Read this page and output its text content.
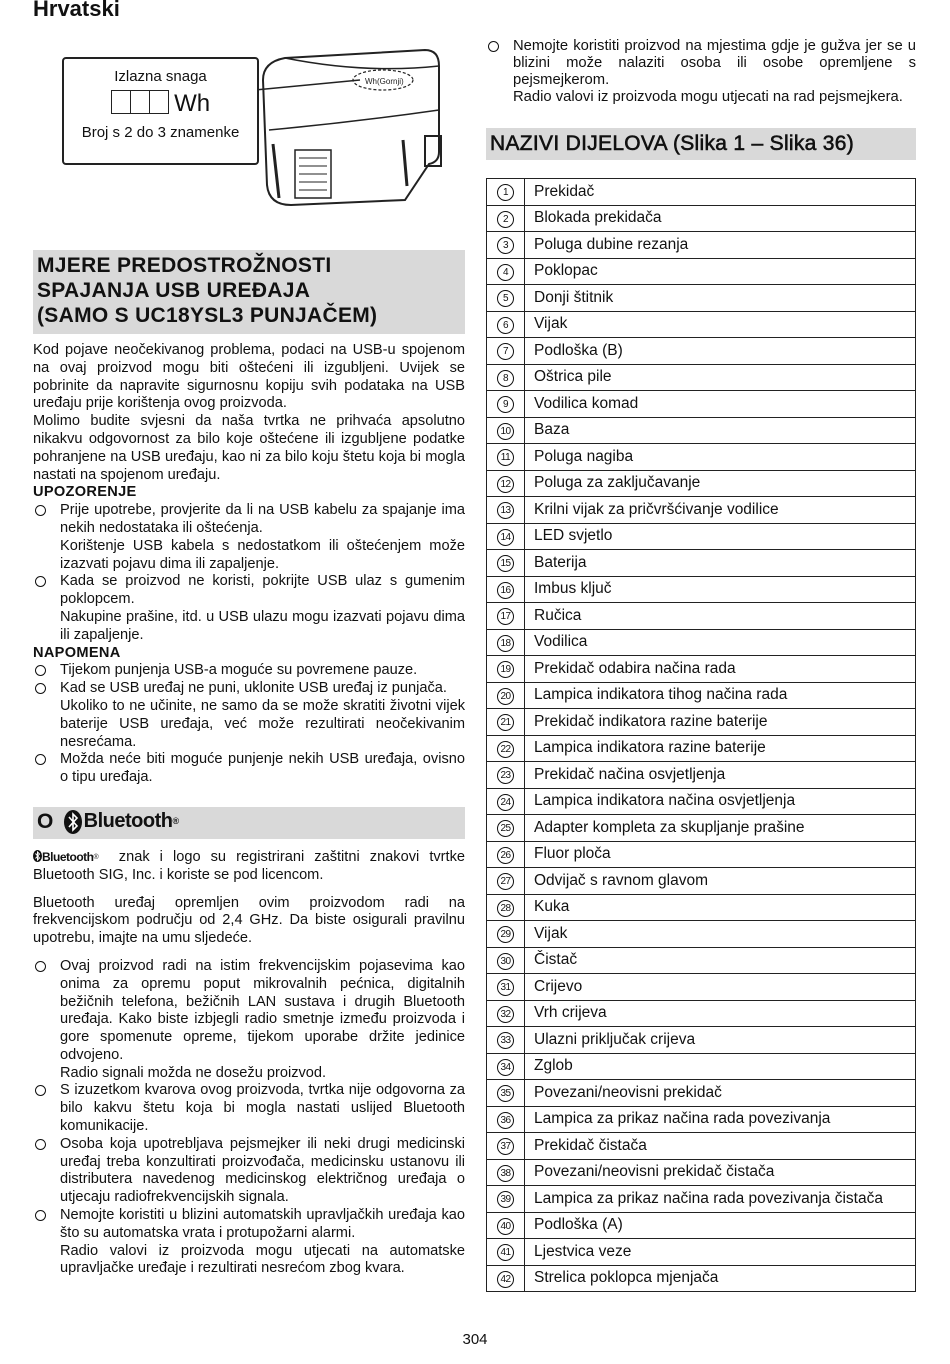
Hrvatski
Wh(Gornji)
Izlazna snaga
Wh
Broj s 2 do 3 znamenke
MJERE PREDOSTROŽNOSTI
SPAJANJA USB UREĐAJA
(SAMO S UC18YSL3 PUNJAČEM)
Kod pojave neočekivanog problema, podaci na USB-u spojenom na ovaj proizvod mogu biti oštećeni ili izgubljeni. Uvijek se pobrinite da napravite sigurnosnu kopiju svih podataka na USB uređaju prije korištenja ovog proizvoda.
Molimo budite svjesni da naša tvrtka ne prihvaća apsolutno nikakvu odgovornost za bilo koje oštećene ili izgubljene podatke pohranjene na USB uređaju, kao ni za bilo koju štetu koja bi mogla nastati na spojenom uređaju.
UPOZORENJE
Prije upotrebe, provjerite da li na USB kabelu za spajanje ima nekih nedostataka ili oštećenja.
Korištenje USB kabela s nedostatkom ili oštećenjem može izazvati pojavu dima ili zapaljenje.
Kada se proizvod ne koristi, pokrijte USB ulaz s gumenim poklopcem.
Nakupine prašine, itd. u USB ulazu mogu izazvati pojavu dima ili zapaljenje.
NAPOMENA
Tijekom punjenja USB-a moguće su povremene pauze.
Kad se USB uređaj ne puni, uklonite USB uređaj iz punjača.
Ukoliko to ne učinite, ne samo da se može skratiti životni vijek baterije USB uređaja, već može rezultirati neočekivanim nesrećama.
Možda neće biti moguće punjenje nekih USB uređaja, ovisno o tipu uređaja.
O Bluetooth ®
Bluetooth® znak i logo su registrirani zaštitni znakovi tvrtke Bluetooth SIG, Inc. i koriste se pod licencom.
Bluetooth uređaj opremljen ovim proizvodom radi na frekvencijskom području od 2,4 GHz. Da biste osigurali pravilnu upotrebu, imajte na umu sljedeće.
Ovaj proizvod radi na istim frekvencijskim pojasevima kao onima za opremu poput mikrovalnih pećnica, digitalnih bežičnih telefona, bežičnih LAN sustava i drugih Bluetooth uređaja. Kako biste izbjegli radio smetnje između proizvoda i gore spomenute opreme, tijekom uporabe držite jedinice odvojeno.
Radio signali možda ne dosežu proizvod.
S izuzetkom kvarova ovog proizvoda, tvrtka nije odgovorna za bilo kakvu štetu koja bi mogla nastati uslijed Bluetooth komunikacije.
Osoba koja upotrebljava pejsmejker ili neki drugi medicinski uređaj treba konzultirati proizvođača, medicinsku ustanovu ili distributera navedenog medicinskog električnog uređaja o utjecaju radiofrekvencijskih signala.
Nemojte koristiti u blizini automatskih upravljačkih uređaja kao što su automatska vrata i protupožarni alarmi.
Radio valovi iz proizvoda mogu utjecati na automatske upravljačke uređaje i rezultirati nesrećom zbog kvara.
Nemojte koristiti proizvod na mjestima gdje je gužva jer se u blizini može nalaziti osoba ili osobe opremljene s pejsmejkerom.
Radio valovi iz proizvoda mogu utjecati na rad pejsmejkera.
NAZIVI DIJELOVA (Slika 1 – Slika 36)
1	Prekidač
2	Blokada prekidača
3	Poluga dubine rezanja
4	Poklopac
5	Donji štitnik
6	Vijak
7	Podloška (B)
8	Oštrica pile
9	Vodilica komad
10	Baza
11	Poluga nagiba
12	Poluga za zaključavanje
13	Krilni vijak za pričvršćivanje vodilice
14	LED svjetlo
15	Baterija
16	Imbus ključ
17	Ručica
18	Vodilica
19	Prekidač odabira načina rada
20	Lampica indikatora tihog načina rada
21	Prekidač indikatora razine baterije
22	Lampica indikatora razine baterije
23	Prekidač načina osvjetljenja
24	Lampica indikatora načina osvjetljenja
25	Adapter kompleta za skupljanje prašine
26	Fluor ploča
27	Odvijač s ravnom glavom
28	Kuka
29	Vijak
30	Čistač
31	Crijevo
32	Vrh crijeva
33	Ulazni priključak crijeva
34	Zglob
35	Povezani/neovisni prekidač
36	Lampica za prikaz načina rada povezivanja
37	Prekidač čistača
38	Povezani/neovisni prekidač čistača
39	Lampica za prikaz načina rada povezivanja čistača
40	Podloška (A)
41	Ljestvica veze
42	Strelica poklopca mjenjača
304
